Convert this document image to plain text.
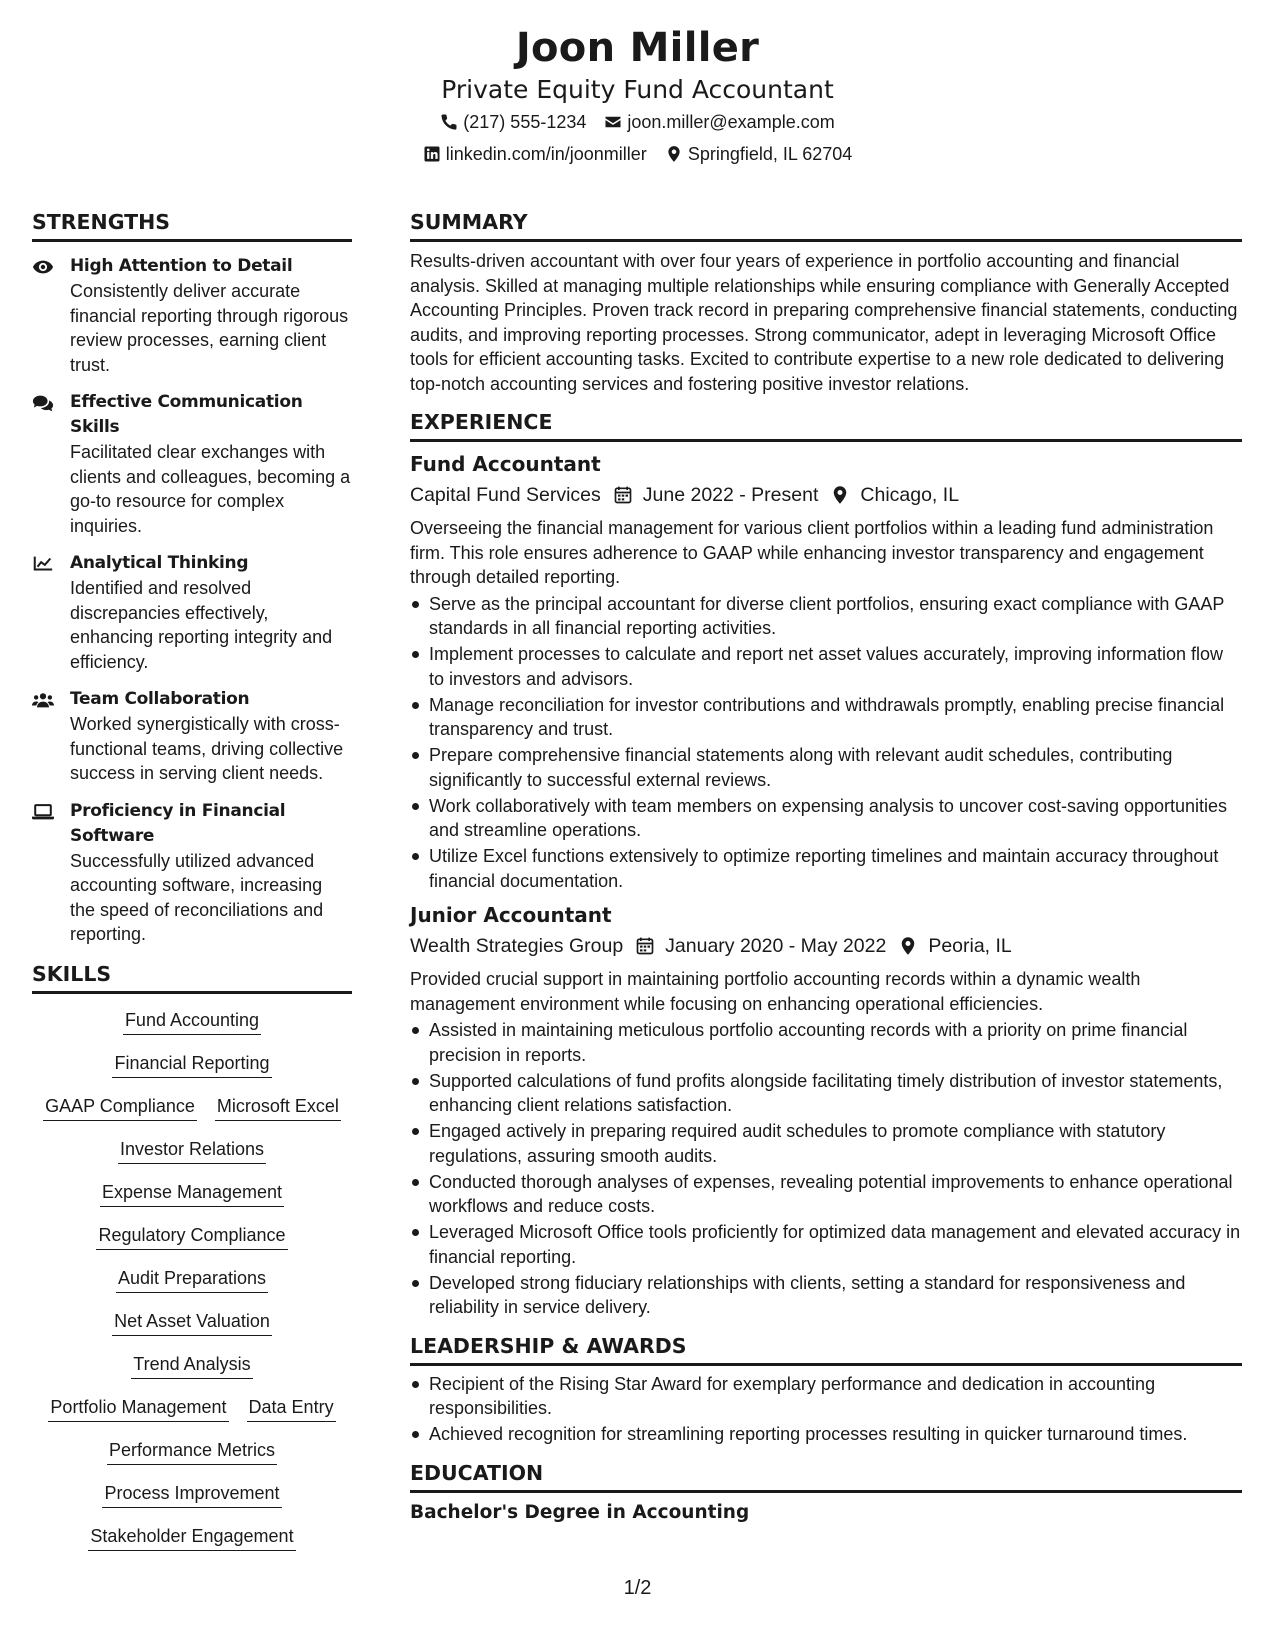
Joon Miller
Private Equity Fund Accountant
(217) 555-1234 joon.miller@example.com
linkedin.com/in/joonmiller Springfield, IL 62704
STRENGTHS
High Attention to Detail
Consistently deliver accurate financial reporting through rigorous review processes, earning client trust.
Effective Communication Skills
Facilitated clear exchanges with clients and colleagues, becoming a go-to resource for complex inquiries.
Analytical Thinking
Identified and resolved discrepancies effectively, enhancing reporting integrity and efficiency.
Team Collaboration
Worked synergistically with cross-functional teams, driving collective success in serving client needs.
Proficiency in Financial Software
Successfully utilized advanced accounting software, increasing the speed of reconciliations and reporting.
SKILLS
Fund Accounting
Financial Reporting
GAAP Compliance Microsoft Excel
Investor Relations
Expense Management
Regulatory Compliance
Audit Preparations
Net Asset Valuation
Trend Analysis
Portfolio Management Data Entry
Performance Metrics
Process Improvement
Stakeholder Engagement
SUMMARY
Results-driven accountant with over four years of experience in portfolio accounting and financial analysis. Skilled at managing multiple relationships while ensuring compliance with Generally Accepted Accounting Principles. Proven track record in preparing comprehensive financial statements, conducting audits, and improving reporting processes. Strong communicator, adept in leveraging Microsoft Office tools for efficient accounting tasks. Excited to contribute expertise to a new role dedicated to delivering top-notch accounting services and fostering positive investor relations.
EXPERIENCE
Fund Accountant
Capital Fund Services June 2022 - Present Chicago, IL
Overseeing the financial management for various client portfolios within a leading fund administration firm. This role ensures adherence to GAAP while enhancing investor transparency and engagement through detailed reporting.
Serve as the principal accountant for diverse client portfolios, ensuring exact compliance with GAAP standards in all financial reporting activities.
Implement processes to calculate and report net asset values accurately, improving information flow to investors and advisors.
Manage reconciliation for investor contributions and withdrawals promptly, enabling precise financial transparency and trust.
Prepare comprehensive financial statements along with relevant audit schedules, contributing significantly to successful external reviews.
Work collaboratively with team members on expensing analysis to uncover cost-saving opportunities and streamline operations.
Utilize Excel functions extensively to optimize reporting timelines and maintain accuracy throughout financial documentation.
Junior Accountant
Wealth Strategies Group January 2020 - May 2022 Peoria, IL
Provided crucial support in maintaining portfolio accounting records within a dynamic wealth management environment while focusing on enhancing operational efficiencies.
Assisted in maintaining meticulous portfolio accounting records with a priority on prime financial precision in reports.
Supported calculations of fund profits alongside facilitating timely distribution of investor statements, enhancing client relations satisfaction.
Engaged actively in preparing required audit schedules to promote compliance with statutory regulations, assuring smooth audits.
Conducted thorough analyses of expenses, revealing potential improvements to enhance operational workflows and reduce costs.
Leveraged Microsoft Office tools proficiently for optimized data management and elevated accuracy in financial reporting.
Developed strong fiduciary relationships with clients, setting a standard for responsiveness and reliability in service delivery.
LEADERSHIP & AWARDS
Recipient of the Rising Star Award for exemplary performance and dedication in accounting responsibilities.
Achieved recognition for streamlining reporting processes resulting in quicker turnaround times.
EDUCATION
Bachelor's Degree in Accounting
1/2
